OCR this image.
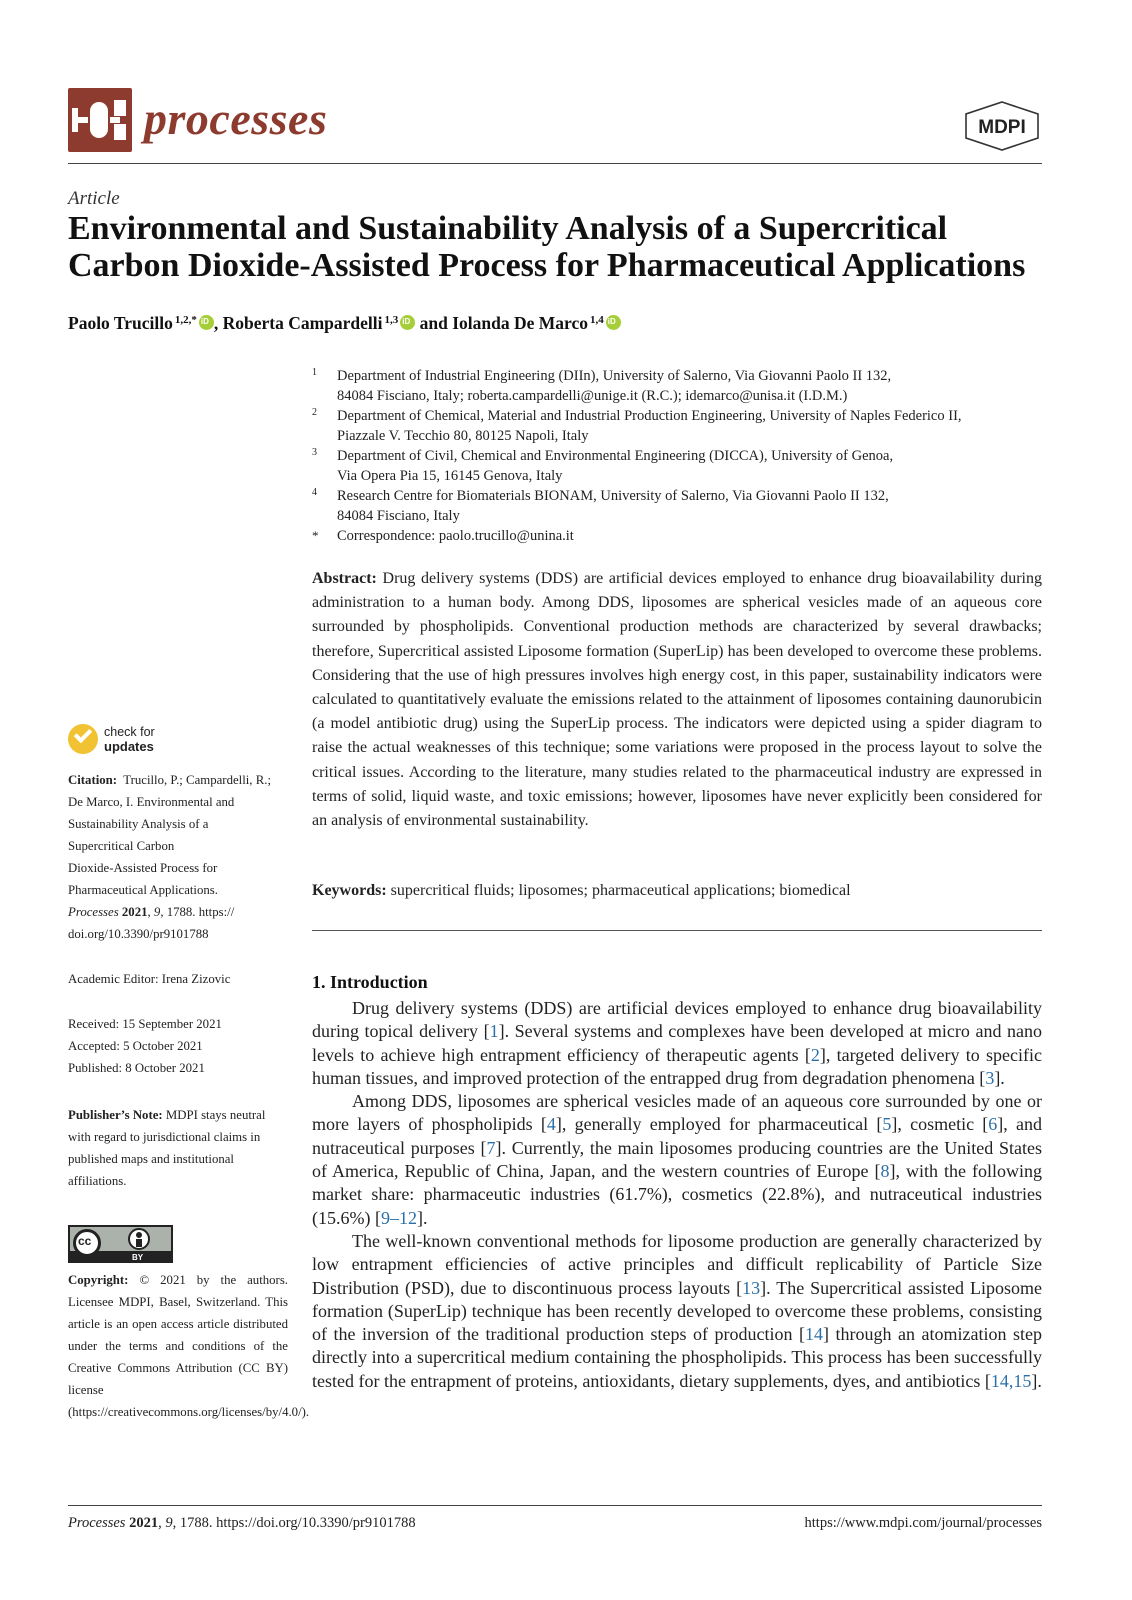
processes	MDPI
Article
Environmental and Sustainability Analysis of a Supercritical
Carbon Dioxide-Assisted Process for Pharmaceutical Applications
Paolo Trucillo $^{1,2,*}$iD , Roberta Campardelli $^{1,3}$iD and Iolanda De Marco $^{1,4}$iD
1 Department of Industrial Engineering (DIIn), University of Salerno, Via Giovanni Paolo II 132,
84084 Fisciano, Italy; roberta.campardelli@unige.it (R.C.); idemarco@unisa.it (I.D.M.)
2 Department of Chemical, Material and Industrial Production Engineering, University of Naples Federico II,
Piazzale V. Tecchio 80, 80125 Napoli, Italy
3 Department of Civil, Chemical and Environmental Engineering (DICCA), University of Genoa,
Via Opera Pia 15, 16145 Genova, Italy
4 Research Centre for Biomaterials BIONAM, University of Salerno, Via Giovanni Paolo II 132,
84084 Fisciano, Italy
* Correspondence: paolo.trucillo@unina.it
Abstract: Drug delivery systems (DDS) are artificial devices employed to enhance drug bioavailability during administration to a human body. Among DDS, liposomes are spherical vesicles made of an aqueous core surrounded by phospholipids. Conventional production methods are characterized by several drawbacks; therefore, Supercritical assisted Liposome formation (SuperLip) has been developed to overcome these problems. Considering that the use of high pressures involves high energy cost, in this paper, sustainability indicators were calculated to quantitatively evaluate the emissions related to the attainment of liposomes containing daunorubicin (a model antibiotic drug) using the SuperLip process. The indicators were depicted using a spider diagram to raise the actual weaknesses of this technique; some variations were proposed in the process layout to solve the critical issues. According to the literature, many studies related to the pharmaceutical industry are expressed in terms of solid, liquid waste, and toxic emissions; however, liposomes have never explicitly been considered for an analysis of environmental sustainability.
Keywords: supercritical fluids; liposomes; pharmaceutical applications; biomedical
1. Introduction

Drug delivery systems (DDS) are artificial devices employed to enhance drug bioavailability during topical delivery [1]. Several systems and complexes have been developed at micro and nano levels to achieve high entrapment efficiency of therapeutic agents [2], targeted delivery to specific human tissues, and improved protection of the entrapped drug from degradation phenomena [3].

Among DDS, liposomes are spherical vesicles made of an aqueous core surrounded by one or more layers of phospholipids [4], generally employed for pharmaceutical [5], cosmetic [6], and nutraceutical purposes [7]. Currently, the main liposomes producing countries are the United States of America, Republic of China, Japan, and the western countries of Europe [8], with the following market share: pharmaceutic industries (61.7%), cosmetics (22.8%), and nutraceutical industries (15.6%) [9–12].

The well-known conventional methods for liposome production are generally characterized by low entrapment efficiencies of active principles and difficult replicability of Particle Size Distribution (PSD), due to discontinuous process layouts [13]. The Supercritical assisted Liposome formation (SuperLip) technique has been recently developed to overcome these problems, consisting of the inversion of the traditional production steps of production [14] through an atomization step directly into a supercritical medium containing the phospholipids. This process has been successfully tested for the entrapment of proteins, antioxidants, dietary supplements, dyes, and antibiotics [14,15].

check for
updates
Citation: Trucillo, P.; Campardelli, R.;
De Marco, I. Environmental and
Sustainability Analysis of a
Supercritical Carbon
Dioxide-Assisted Process for
Pharmaceutical Applications.
Processes 2021, 9, 1788. https://
doi.org/10.3390/pr9101788
Academic Editor: Irena Zizovic
Received: 15 September 2021
Accepted: 5 October 2021
Published: 8 October 2021
Publisher’s Note: MDPI stays neutral with regard to jurisdictional claims in published maps and institutional affiliations.
cc
BY
Copyright: © 2021 by the authors. Licensee MDPI, Basel, Switzerland. This article is an open access article distributed under the terms and conditions of the Creative Commons Attribution (CC BY) license (https://creativecommons.org/licenses/by/4.0/).
Processes 2021, 9, 1788. https://doi.org/10.3390/pr9101788	https://www.mdpi.com/journal/processes
